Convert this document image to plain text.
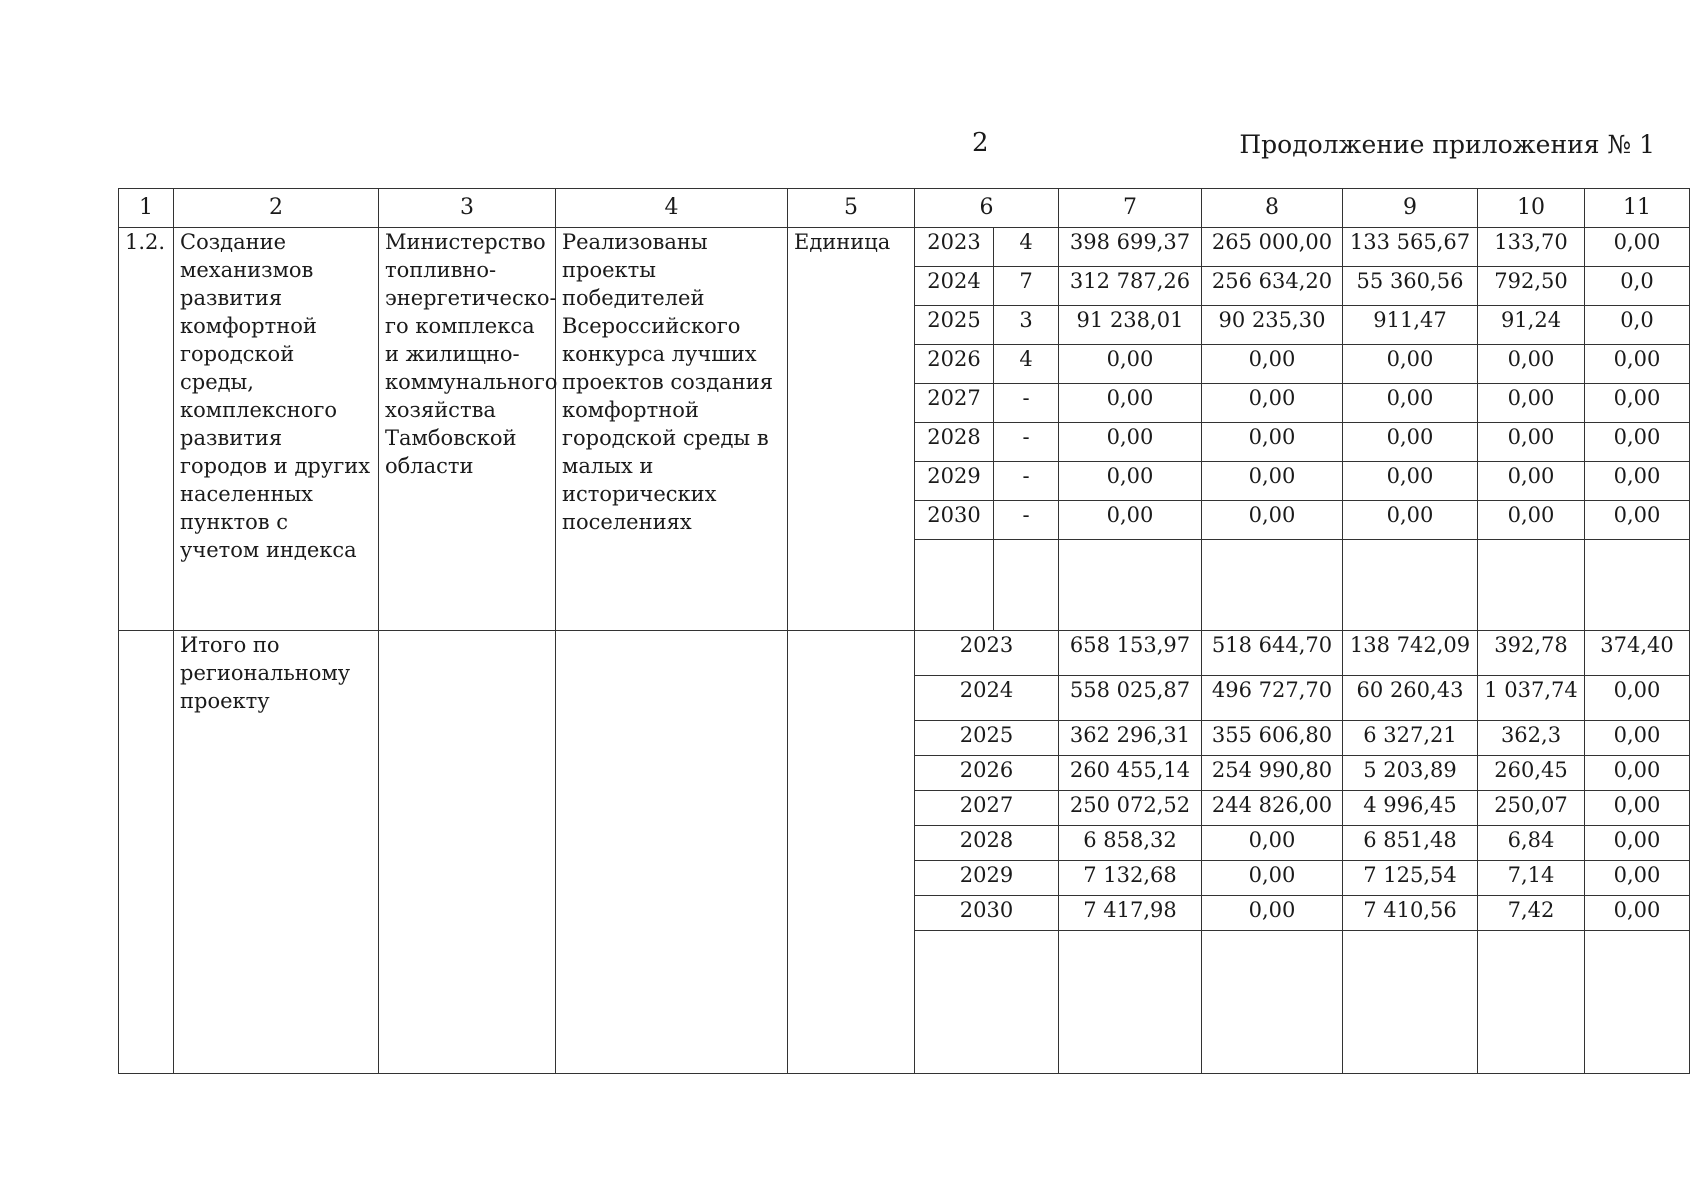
2	Продолжение приложения № 1
1	2	3	4	5	6		7	8	9	10	11
1.2.	Создание механизмов развития комфортной городской среды, комплексного развития городов и других населенных пунктов с учетом индекса	Министерство топливно-энергетическо-го комплекса и жилищно-коммунального хозяйства Тамбовской области	Реализованы проекты победителей Всероссийского конкурса лучших проектов создания комфортной городской среды в малых и исторических поселениях	Единица	2023	4	398 699,37	265 000,00	133 565,67	133,70	0,00
					2024	7	312 787,26	256 634,20	55 360,56	792,50	0,0
					2025	3	91 238,01	90 235,30	911,47	91,24	0,0
					2026	4	0,00	0,00	0,00	0,00	0,00
					2027	-	0,00	0,00	0,00	0,00	0,00
					2028	-	0,00	0,00	0,00	0,00	0,00
					2029	-	0,00	0,00	0,00	0,00	0,00
					2030	-	0,00	0,00	0,00	0,00	0,00

	Итого по региональному проекту				2023		658 153,97	518 644,70	138 742,09	392,78	374,40
					2024		558 025,87	496 727,70	60 260,43	1 037,74	0,00
					2025		362 296,31	355 606,80	6 327,21	362,3	0,00
					2026		260 455,14	254 990,80	5 203,89	260,45	0,00
					2027		250 072,52	244 826,00	4 996,45	250,07	0,00
					2028		6 858,32	0,00	6 851,48	6,84	0,00
					2029		7 132,68	0,00	7 125,54	7,14	0,00
					2030		7 417,98	0,00	7 410,56	7,42	0,00
